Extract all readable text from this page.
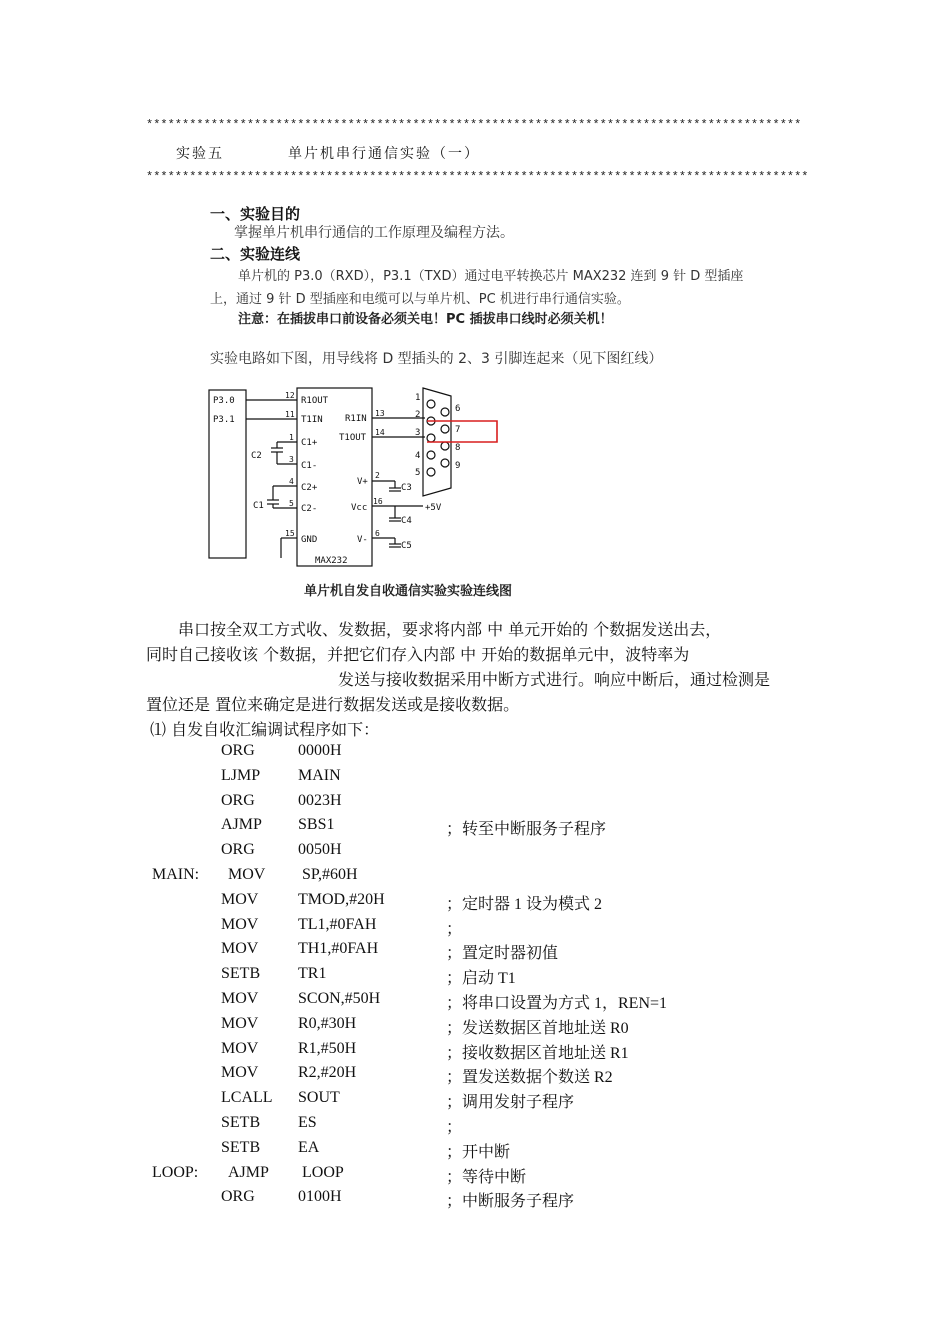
*******************************************************************************************
实验五	单片机串行通信实验（一）
********************************************************************************************
一、实验目的
掌握单片机串行通信的工作原理及编程方法。
二、实验连线
单片机的 P3.0（RXD），P3.1（TXD）通过电平转换芯片 MAX232 连到 9 针 D 型插座
上，通过 9 针 D 型插座和电缆可以与单片机、PC 机进行串行通信实验。
注意：在插拔串口前设备必须关电！PC 插拔串口线时必须关机！
实验电路如下图，用导线将 D 型插头的 2、3 引脚连起来（见下图红线）
P3.0
P3.1
R1OUT
T1IN
C1+
C1-
C2+
C2-
GND
R1IN
T1OUT
V+
Vcc
V-
MAX232
12
11
1
3
4
5
15
13
14
2
16
6
C2
C1
C3
C4
C5
+5V
1
2
3
4
5
6
7
8
9
单片机自发自收通信实验实验连线图
串口按全双工方式收、发数据，要求将内部 中 单元开始的 个数据发送出去，
同时自己接收该 个数据，并把它们存入内部 中 开始的数据单元中，波特率为
发送与接收数据采用中断方式进行。响应中断后，通过检测是
置位还是 置位来确定是进行数据发送或是接收数据。
⑴ 自发自收汇编调试程序如下：
ORG	0000H
LJMP MAIN
ORG	0023H
AJMP SBS1	；转至中断服务子程序
ORG	0050H
MAIN: MOV SP,#60H
MOV TMOD,#20H	；定时器 1 设为模式 2
MOV TL1,#0FAH	；
MOV TH1,#0FAH	；置定时器初值
SETB TR1	；启动 T1
MOV SCON,#50H	；将串口设置为方式 1，REN=1
MOV R0,#30H	；发送数据区首地址送 R0
MOV R1,#50H	；接收数据区首地址送 R1
MOV R2,#20H	；置发送数据个数送 R2
LCALL SOUT	；调用发射子程序
SETB ES	；
SETB EA	；开中断
LOOP: AJMP LOOP	；等待中断
ORG	0100H	；中断服务子程序
